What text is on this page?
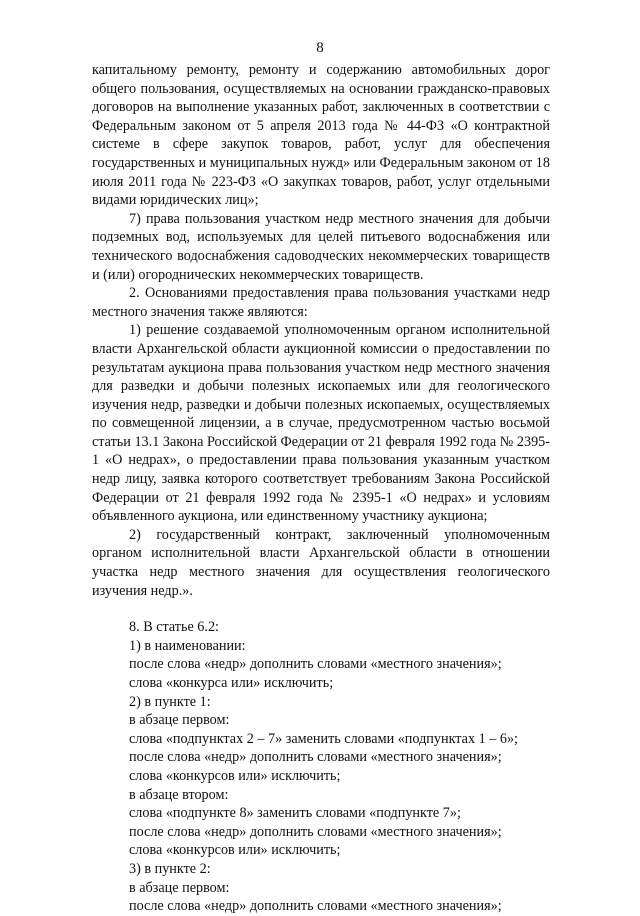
8

капитальному ремонту, ремонту и содержанию автомобильных дорог общего пользования, осуществляемых на основании гражданско-правовых договоров на выполнение указанных работ, заключенных в соответствии с Федеральным законом от 5 апреля 2013 года № 44-ФЗ «О контрактной системе в сфере закупок товаров, работ, услуг для обеспечения государственных и муниципальных нужд» или Федеральным законом от 18 июля 2011 года № 223-ФЗ «О закупках товаров, работ, услуг отдельными видами юридических лиц»;

7) права пользования участком недр местного значения для добычи подземных вод, используемых для целей питьевого водоснабжения или технического водоснабжения садоводческих некоммерческих товариществ и (или) огороднических некоммерческих товариществ.

2. Основаниями предоставления права пользования участками недр местного значения также являются:

1) решение создаваемой уполномоченным органом исполнительной власти Архангельской области аукционной комиссии о предоставлении по результатам аукциона права пользования участком недр местного значения для разведки и добычи полезных ископаемых или для геологического изучения недр, разведки и добычи полезных ископаемых, осуществляемых по совмещенной лицензии, а в случае, предусмотренном частью восьмой статьи 13.1 Закона Российской Федерации от 21 февраля 1992 года № 2395-1 «О недрах», о предоставлении права пользования указанным участком недр лицу, заявка которого соответствует требованиям Закона Российской Федерации от 21 февраля 1992 года № 2395-1 «О недрах» и условиям объявленного аукциона, или единственному участнику аукциона;

2) государственный контракт, заключенный уполномоченным органом исполнительной власти Архангельской области в отношении участка недр местного значения для осуществления геологического изучения недр.».

8. В статье 6.2:

1) в наименовании:

после слова «недр» дополнить словами «местного значения»;

слова «конкурса или» исключить;

2) в пункте 1:

в абзаце первом:

слова «подпунктах 2 – 7» заменить словами «подпунктах 1 – 6»;

после слова «недр» дополнить словами «местного значения»;

слова «конкурсов или» исключить;

в абзаце втором:

слова «подпункте 8» заменить словами «подпункте 7»;

после слова «недр» дополнить словами «местного значения»;

слова «конкурсов или» исключить;

3) в пункте 2:

в абзаце первом:

после слова «недр» дополнить словами «местного значения»;
